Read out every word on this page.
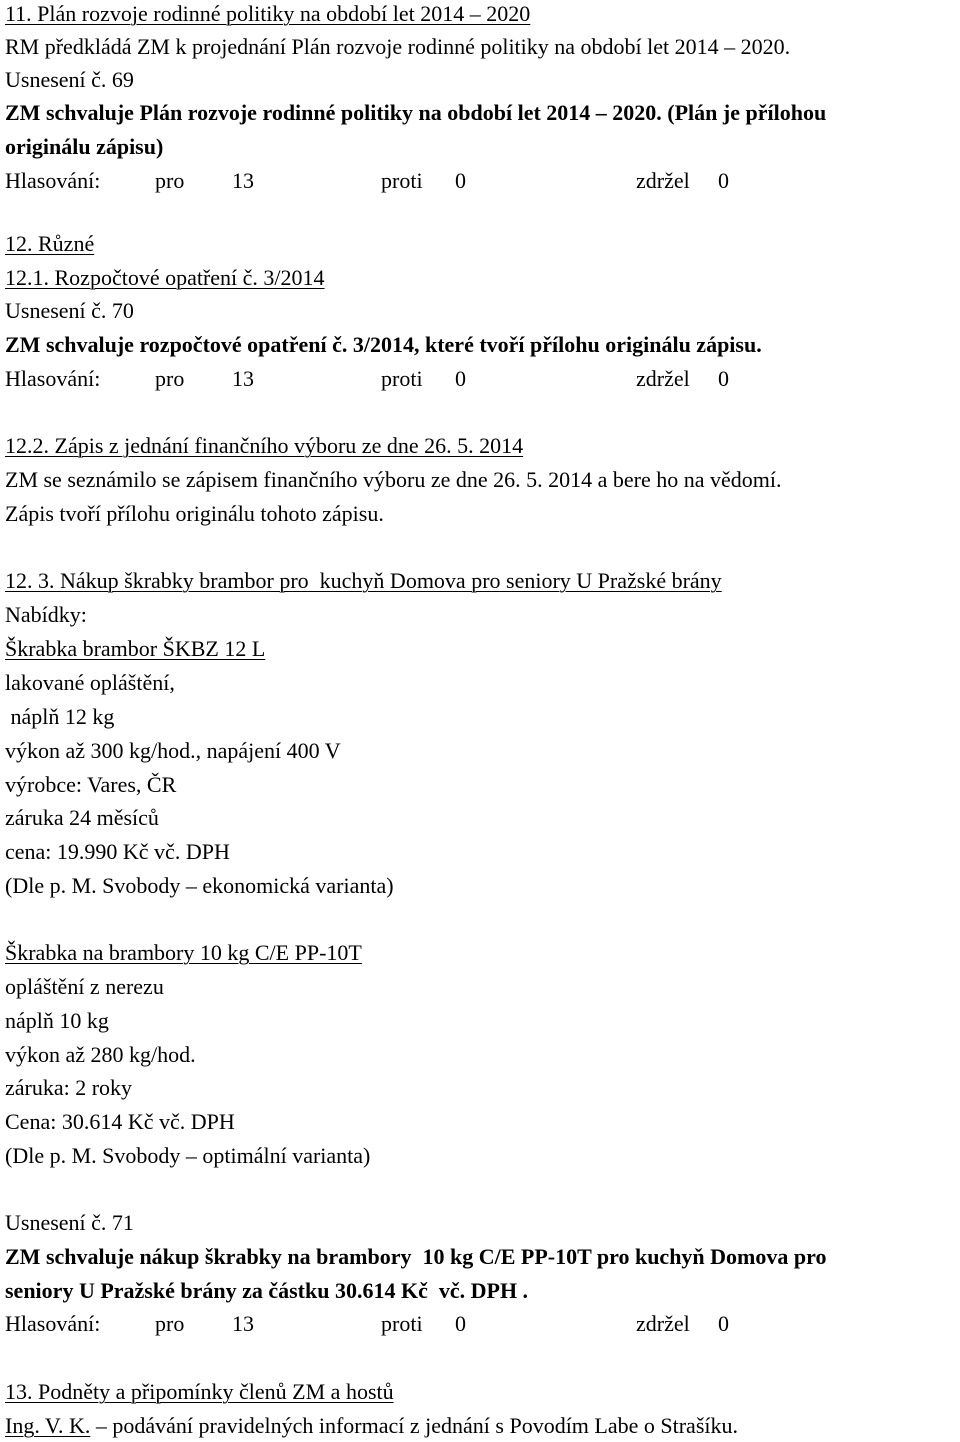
11. Plán rozvoje rodinné politiky na období let 2014 – 2020
RM předkládá ZM k projednání Plán rozvoje rodinné politiky na období let 2014 – 2020.
Usnesení č. 69
ZM schvaluje Plán rozvoje rodinné politiky na období let 2014 – 2020. (Plán je přílohou
originálu zápisu)
Hlasování: pro 13	proti 0	zdržel 0
12. Různé
12.1. Rozpočtové opatření č. 3/2014
Usnesení č. 70
ZM schvaluje rozpočtové opatření č. 3/2014, které tvoří přílohu originálu zápisu.
Hlasování: pro 13	proti 0	zdržel 0
12.2. Zápis z jednání finančního výboru ze dne 26. 5. 2014
ZM se seznámilo se zápisem finančního výboru ze dne 26. 5. 2014 a bere ho na vědomí.
Zápis tvoří přílohu originálu tohoto zápisu.
12. 3. Nákup škrabky brambor pro  kuchyň Domova pro seniory U Pražské brány
Nabídky:
Škrabka brambor ŠKBZ 12 L
lakované opláštění,
náplň 12 kg
výkon až 300 kg/hod., napájení 400 V
výrobce: Vares, ČR
záruka 24 měsíců
cena: 19.990 Kč vč. DPH
(Dle p. M. Svobody – ekonomická varianta)
Škrabka na brambory 10 kg C/E PP-10T
opláštění z nerezu
náplň 10 kg
výkon až 280 kg/hod.
záruka: 2 roky
Cena: 30.614 Kč vč. DPH
(Dle p. M. Svobody – optimální varianta)
Usnesení č. 71
ZM schvaluje nákup škrabky na brambory  10 kg C/E PP-10T pro kuchyň Domova pro
seniory U Pražské brány za částku 30.614 Kč  vč. DPH .
Hlasování: pro 13	proti 0	zdržel 0
13. Podněty a připomínky členů ZM a hostů
Ing. V. K. – podávání pravidelných informací z jednání s Povodím Labe o Strašíku.
